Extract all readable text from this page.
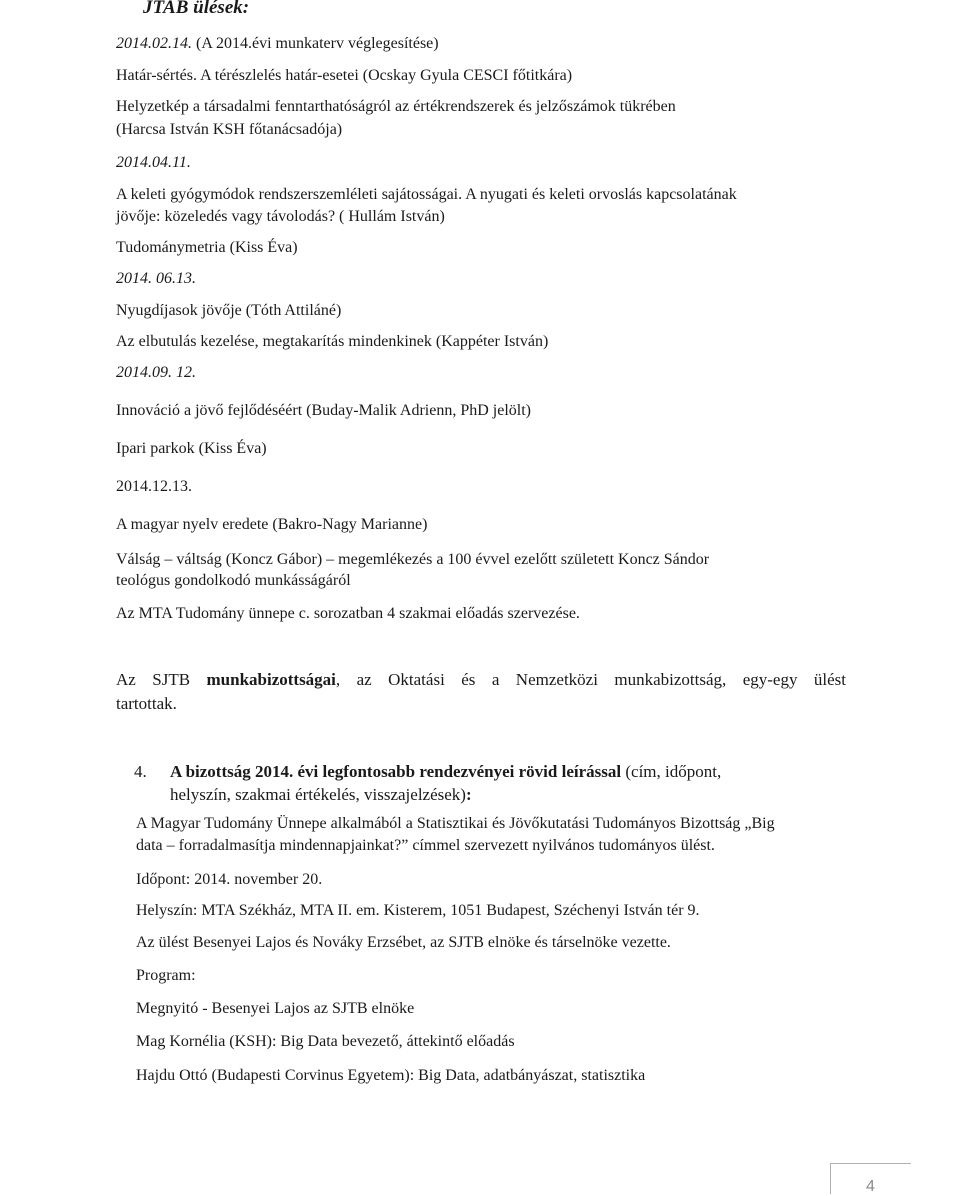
JTAB ülések:
2014.02.14. (A 2014.évi munkaterv véglegesítése)
Határ-sértés. A térészlelés határ-esetei (Ocskay Gyula CESCI főtitkára)
Helyzetkép a társadalmi fenntarthatóságról az értékrendszerek és jelzőszámok tükrében
(Harcsa István KSH főtanácsadója)
2014.04.11.
A keleti gyógymódok rendszerszemléleti sajátosságai. A nyugati és keleti orvoslás kapcsolatának
jövője: közeledés vagy távolodás? ( Hullám István)
Tudománymetria (Kiss Éva)
2014. 06.13.
Nyugdíjasok jövője (Tóth Attiláné)
Az elbutulás kezelése, megtakarítás mindenkinek (Kappéter István)
2014.09. 12.
Innováció a jövő fejlődéséért (Buday-Malik Adrienn, PhD jelölt)
Ipari parkok (Kiss Éva)
2014.12.13.
A magyar nyelv eredete (Bakro-Nagy Marianne)
Válság – váltság (Koncz Gábor) – megemlékezés a 100 évvel ezelőtt született Koncz Sándor
teológus gondolkodó munkásságáról
Az MTA Tudomány ünnepe c. sorozatban 4 szakmai előadás szervezése.
Az SJTB munkabizottságai, az Oktatási és a Nemzetközi munkabizottság, egy-egy ülést
tartottak.
4. A bizottság 2014. évi legfontosabb rendezvényei rövid leírással (cím, időpont,
helyszín, szakmai értékelés, visszajelzések):
A Magyar Tudomány Ünnepe alkalmából a Statisztikai és Jövőkutatási Tudományos Bizottság „Big
data – forradalmasítja mindennapjainkat?” címmel szervezett nyilvános tudományos ülést.
Időpont: 2014. november 20.
Helyszín: MTA Székház, MTA II. em. Kisterem, 1051 Budapest, Széchenyi István tér 9.
Az ülést Besenyei Lajos és Nováky Erzsébet, az SJTB elnöke és társelnöke vezette.
Program:
Megnyitó - Besenyei Lajos az SJTB elnöke
Mag Kornélia (KSH): Big Data bevezető, áttekintő előadás
Hajdu Ottó (Budapesti Corvinus Egyetem): Big Data, adatbányászat, statisztika
4
